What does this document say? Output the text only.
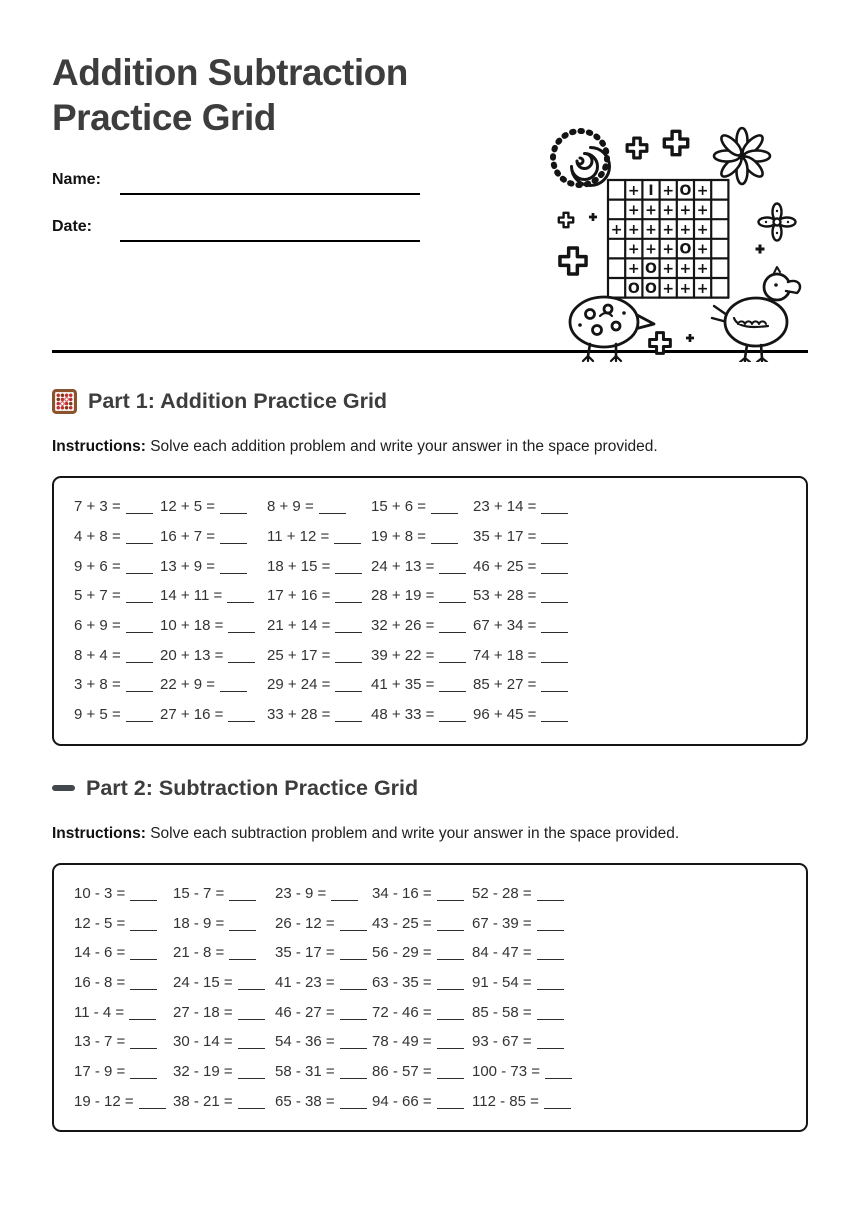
Addition Subtraction Practice Grid
Name:
Date:
Part 1: Addition Practice Grid

Instructions: Solve each addition problem and write your answer in the space provided.

7 + 3 =	12 + 5 =	8 + 9 =	15 + 6 =	23 + 14 =
4 + 8 =	16 + 7 =	11 + 12 =	19 + 8 =	35 + 17 =
9 + 6 =	13 + 9 =	18 + 15 =	24 + 13 =	46 + 25 =
5 + 7 =	14 + 11 =	17 + 16 =	28 + 19 =	53 + 28 =
6 + 9 =	10 + 18 =	21 + 14 =	32 + 26 =	67 + 34 =
8 + 4 =	20 + 13 =	25 + 17 =	39 + 22 =	74 + 18 =
3 + 8 =	22 + 9 =	29 + 24 =	41 + 35 =	85 + 27 =
9 + 5 =	27 + 16 =	33 + 28 =	48 + 33 =	96 + 45 =
Part 2: Subtraction Practice Grid

Instructions: Solve each subtraction problem and write your answer in the space provided.

10 - 3 =	15 - 7 =	23 - 9 =	34 - 16 =	52 - 28 =
12 - 5 =	18 - 9 =	26 - 12 =	43 - 25 =	67 - 39 =
14 - 6 =	21 - 8 =	35 - 17 =	56 - 29 =	84 - 47 =
16 - 8 =	24 - 15 =	41 - 23 =	63 - 35 =	91 - 54 =
11 - 4 =	27 - 18 =	46 - 27 =	72 - 46 =	85 - 58 =
13 - 7 =	30 - 14 =	54 - 36 =	78 - 49 =	93 - 67 =
17 - 9 =	32 - 19 =	58 - 31 =	86 - 57 =	100 - 73 =
19 - 12 =	38 - 21 =	65 - 38 =	94 - 66 =	112 - 85 =
+ I + O +
+ + + + +
+ + + + + +
+ + + O +
+ O + + +
O O + + +
